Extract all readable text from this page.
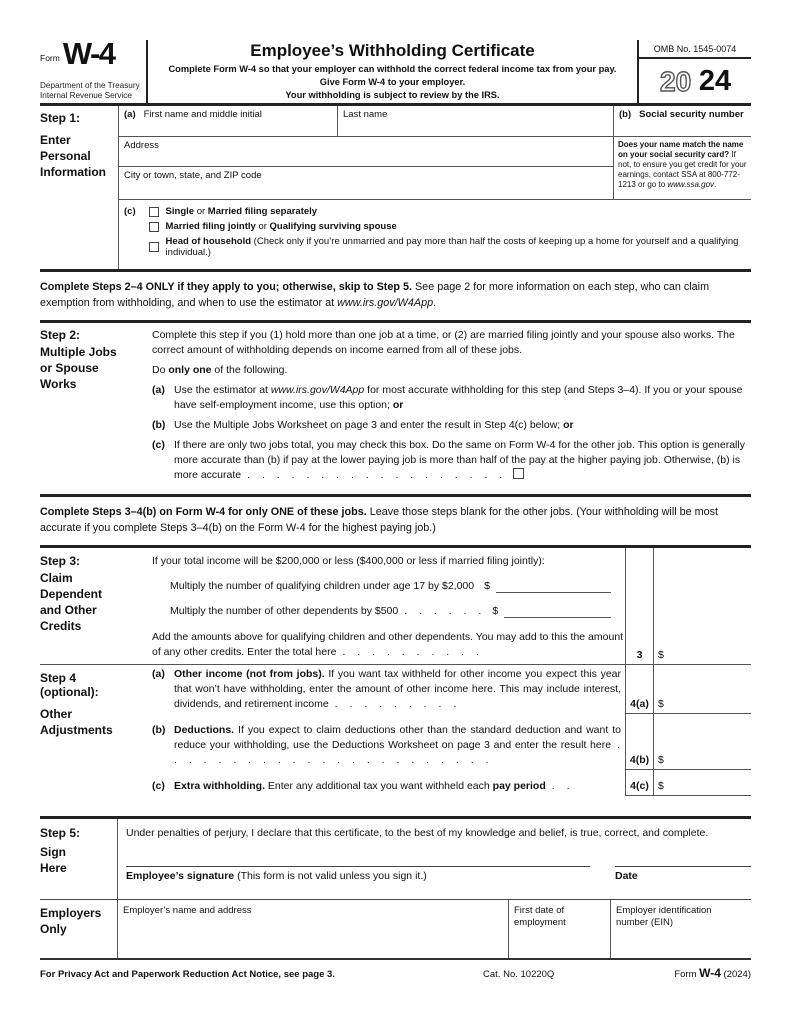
Form W-4
Department of the Treasury
Internal Revenue Service
Employee’s Withholding Certificate
Complete Form W-4 so that your employer can withhold the correct federal income tax from your pay.
Give Form W-4 to your employer.
Your withholding is subject to review by the IRS.
OMB No. 1545-0074
20 24
Step 1:
Enter
Personal
Information
(a) First name and middle initial	Last name	(b) Social security number
Address
City or town, state, and ZIP code
Does your name match the name on your social security card? If not, to ensure you get credit for your earnings, contact SSA at 800-772-1213 or go to www.ssa.gov.
(c)	Single or Married filing separately
Married filing jointly or Qualifying surviving spouse
Head of household (Check only if you’re unmarried and pay more than half the costs of keeping up a home for yourself and a qualifying individual.)
Complete Steps 2–4 ONLY if they apply to you; otherwise, skip to Step 5. See page 2 for more information on each step, who can claim exemption from withholding, and when to use the estimator at www.irs.gov/W4App.
Step 2:
Multiple Jobs
or Spouse
Works
Complete this step if you (1) hold more than one job at a time, or (2) are married filing jointly and your spouse also works. The correct amount of withholding depends on income earned from all of these jobs.
Do only one of the following.
(a) Use the estimator at www.irs.gov/W4App for most accurate withholding for this step (and Steps 3–4). If you or your spouse have self-employment income, use this option; or
(b) Use the Multiple Jobs Worksheet on page 3 and enter the result in Step 4(c) below; or
(c) If there are only two jobs total, you may check this box. Do the same on Form W-4 for the other job. This option is generally more accurate than (b) if pay at the lower paying job is more than half of the pay at the higher paying job. Otherwise, (b) is more accurate . . . . . . . . . . . . . . . . . .
Complete Steps 3–4(b) on Form W-4 for only ONE of these jobs. Leave those steps blank for the other jobs. (Your withholding will be most accurate if you complete Steps 3–4(b) on the Form W-4 for the highest paying job.)
Step 3:
Claim
Dependent
and Other
Credits
If your total income will be $200,000 or less ($400,000 or less if married filing jointly):
Multiply the number of qualifying children under age 17 by $2,000 $
Multiply the number of other dependents by $500 . . . . . . $
Add the amounts above for qualifying children and other dependents. You may add to this the amount of any other credits. Enter the total here . . . . . . . . . .	3	$
Step 4
(optional):
Other
Adjustments
(a) Other income (not from jobs). If you want tax withheld for other income you expect this year that won’t have withholding, enter the amount of other income here. This may include interest, dividends, and retirement income . . . . . . . . .	4(a) $
(b) Deductions. If you expect to claim deductions other than the standard deduction and want to reduce your withholding, use the Deductions Worksheet on page 3 and enter the result here . . . . . . . . . . . . . . . . . . . . . . .	4(b) $
(c) Extra withholding. Enter any additional tax you want withheld each pay period . .	4(c) $
Step 5:
Sign
Here
Under penalties of perjury, I declare that this certificate, to the best of my knowledge and belief, is true, correct, and complete.
Employee’s signature (This form is not valid unless you sign it.)	Date
Employers
Only
Employer’s name and address	First date of employment
Employer identification number (EIN)
For Privacy Act and Paperwork Reduction Act Notice, see page 3.	Cat. No. 10220Q	Form W-4 (2024)
